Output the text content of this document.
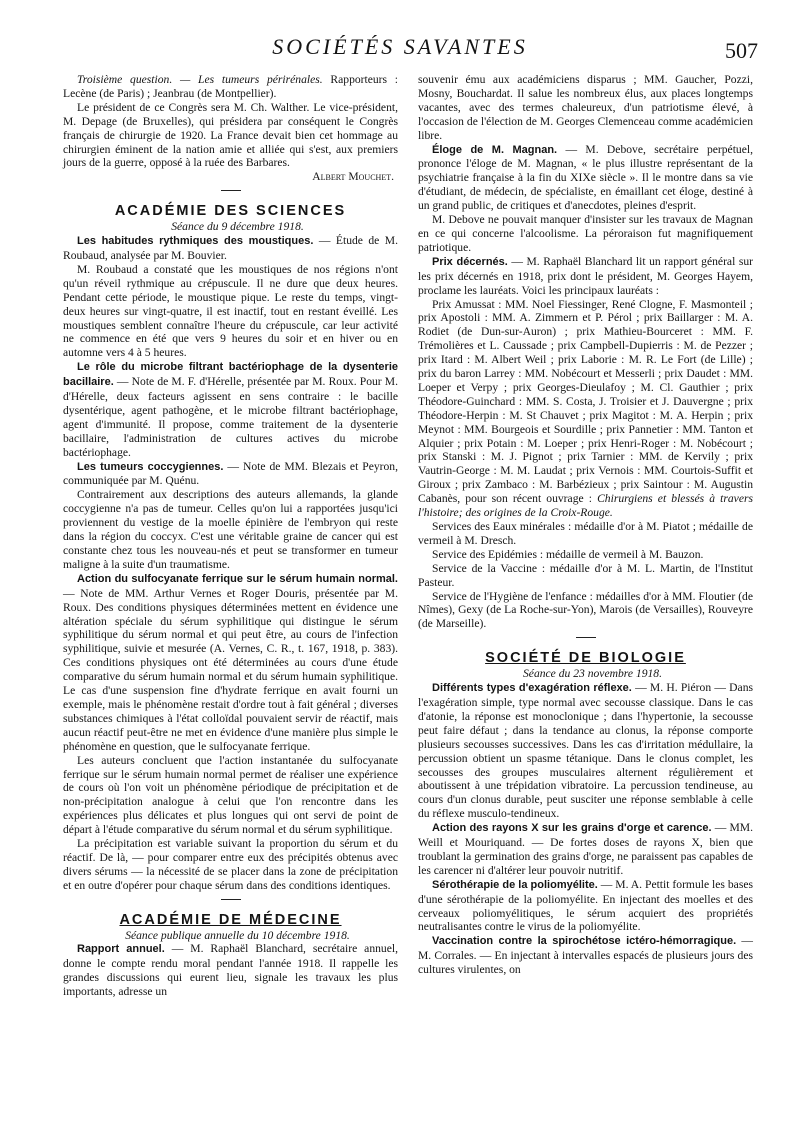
SOCIÉTÉS SAVANTES	507

Troisième question. — Les tumeurs périrénales. Rapporteurs : Lecène (de Paris) ; Jeanbrau (de Montpellier).

Le président de ce Congrès sera M. Ch. Walther. Le vice-président, M. Depage (de Bruxelles), qui présidera par conséquent le Congrès français de chirurgie de 1920. La France devait bien cet hommage au chirurgien éminent de la nation amie et alliée qui s'est, aux premiers jours de la guerre, opposé à la ruée des Barbares.

Albert Mouchet.

ACADÉMIE DES SCIENCES

Séance du 9 décembre 1918.

Les habitudes rythmiques des moustiques. — Étude de M. Roubaud, analysée par M. Bouvier.

M. Roubaud a constaté que les moustiques de nos régions n'ont qu'un réveil rythmique au crépuscule. Il ne dure que deux heures. Pendant cette période, le moustique pique. Le reste du temps, vingt-deux heures sur vingt-quatre, il est inactif, tout en restant éveillé. Les moustiques semblent connaître l'heure du crépuscule, car leur activité ne commence en été que vers 9 heures du soir et en hiver ou en automne vers 4 à 5 heures.

Le rôle du microbe filtrant bactériophage de la dysenterie bacillaire. — Note de M. F. d'Hérelle, présentée par M. Roux. Pour M. d'Hérelle, deux facteurs agissent en sens contraire : le bacille dysentérique, agent pathogène, et le microbe filtrant bactériophage, agent d'immunité. Il propose, comme traitement de la dysenterie bacillaire, l'administration de cultures actives du microbe bactériophage.

Les tumeurs coccygiennes. — Note de MM. Blezais et Peyron, communiquée par M. Quénu.

Contrairement aux descriptions des auteurs allemands, la glande coccygienne n'a pas de tumeur. Celles qu'on lui a rapportées jusqu'ici proviennent du vestige de la moelle épinière de l'embryon qui reste dans la région du coccyx. C'est une véritable graine de cancer qui est constante chez tous les nouveau-nés et peut se transformer en tumeur maligne à la suite d'un traumatisme.

Action du sulfocyanate ferrique sur le sérum humain normal. — Note de MM. Arthur Vernes et Roger Douris, présentée par M. Roux. Des conditions physiques déterminées mettent en évidence une altération spéciale du sérum syphilitique qui distingue le sérum syphilitique du sérum normal et qui peut être, au cours de l'infection syphilitique, suivie et mesurée (A. Vernes, C. R., t. 167, 1918, p. 383). Ces conditions physiques ont été déterminées au cours d'une étude comparative du sérum humain normal et du sérum humain syphilitique. Le cas d'une suspension fine d'hydrate ferrique en avait fourni un exemple, mais le phénomène restait d'ordre tout à fait général ; diverses substances chimiques à l'état colloïdal pouvaient servir de réactif, mais aucun réactif peut-être ne met en évidence d'une manière plus simple le phénomène en question, que le sulfocyanate ferrique.

Les auteurs concluent que l'action instantanée du sulfocyanate ferrique sur le sérum humain normal permet de réaliser une expérience de cours où l'on voit un phénomène périodique de précipitation et de non-précipitation analogue à celui que l'on rencontre dans les expériences plus délicates et plus longues qui ont servi de point de départ à l'étude comparative du sérum normal et du sérum syphilitique.

La précipitation est variable suivant la proportion du sérum et du réactif. De là, — pour comparer entre eux des précipités obtenus avec divers sérums — la nécessité de se placer dans la zone de précipitation et en outre d'opérer pour chaque sérum dans des conditions identiques.

ACADÉMIE DE MÉDECINE

Séance publique annuelle du 10 décembre 1918.

Rapport annuel. — M. Raphaël Blanchard, secrétaire annuel, donne le compte rendu moral pendant l'année 1918. Il rappelle les grandes discussions qui eurent lieu, signale les travaux les plus importants, adresse un

souvenir ému aux académiciens disparus ; MM. Gaucher, Pozzi, Mosny, Bouchardat. Il salue les nombreux élus, aux places longtemps vacantes, avec des termes chaleureux, d'un patriotisme élevé, à l'occasion de l'élection de M. Georges Clemenceau comme académicien libre.

Éloge de M. Magnan. — M. Debove, secrétaire perpétuel, prononce l'éloge de M. Magnan, « le plus illustre représentant de la psychiatrie française à la fin du XIXe siècle ». Il le montre dans sa vie d'étudiant, de médecin, de spécialiste, en émaillant cet éloge, destiné à un grand public, de critiques et d'anecdotes, pleines d'esprit.

M. Debove ne pouvait manquer d'insister sur les travaux de Magnan en ce qui concerne l'alcoolisme. La péroraison fut magnifiquement patriotique.

Prix décernés. — M. Raphaël Blanchard lit un rapport général sur les prix décernés en 1918, prix dont le président, M. Georges Hayem, proclame les lauréats. Voici les principaux lauréats :

Prix Amussat : MM. Noel Fiessinger, René Clogne, F. Masmonteil ; prix Apostoli : MM. A. Zimmern et P. Pérol ; prix Baillarger : M. A. Rodiet (de Dun-sur-Auron) ; prix Mathieu-Bourceret : MM. F. Trémolières et L. Caussade ; prix Campbell-Dupierris : M. de Pezzer ; prix Itard : M. Albert Weil ; prix Laborie : M. R. Le Fort (de Lille) ; prix du baron Larrey : MM. Nobécourt et Messerli ; prix Daudet : MM. Loeper et Verpy ; prix Georges-Dieulafoy ; M. Cl. Gauthier ; prix Théodore-Guinchard : MM. S. Costa, J. Troisier et J. Dauvergne ; prix Théodore-Herpin : M. St Chauvet ; prix Magitot : M. A. Herpin ; prix Meynot : MM. Bourgeois et Sourdille ; prix Pannetier : MM. Tanton et Alquier ; prix Potain : M. Loeper ; prix Henri-Roger : M. Nobécourt ; prix Stanski : M. J. Pignot ; prix Tarnier : MM. de Kervily ; prix Vautrin-George : M. M. Laudat ; prix Vernois : MM. Courtois-Suffit et Giroux ; prix Zambaco : M. Barbézieux ; prix Saintour : M. Augustin Cabanès, pour son récent ouvrage : Chirurgiens et blessés à travers l'histoire; des origines de la Croix-Rouge.

Services des Eaux minérales : médaille d'or à M. Piatot ; médaille de vermeil à M. Dresch.

Service des Epidémies : médaille de vermeil à M. Bauzon.

Service de la Vaccine : médaille d'or à M. L. Martin, de l'Institut Pasteur.

Service de l'Hygiène de l'enfance : médailles d'or à MM. Floutier (de Nîmes), Gexy (de La Roche-sur-Yon), Marois (de Versailles), Rouveyre (de Marseille).

SOCIÉTÉ DE BIOLOGIE

Séance du 23 novembre 1918.

Différents types d'exagération réflexe. — M. H. Piéron — Dans l'exagération simple, type normal avec secousse classique. Dans le cas d'atonie, la réponse est monoclonique ; dans l'hypertonie, la secousse peut faire défaut ; dans la tendance au clonus, la réponse comporte plusieurs secousses successives. Dans les cas d'irritation médullaire, la percussion obtient un spasme tétanique. Dans le clonus complet, les secousses des groupes musculaires alternent régulièrement et aboutissent à une trépidation vibratoire. La percussion tendineuse, au cours d'un clonus durable, peut susciter une réponse semblable à celle du réflexe musculo-tendineux.

Action des rayons X sur les grains d'orge et carence. — MM. Weill et Mouriquand. — De fortes doses de rayons X, bien que troublant la germination des grains d'orge, ne paraissent pas capables de les carencer ni d'altérer leur pouvoir nutritif.

Sérothérapie de la poliomyélite. — M. A. Pettit formule les bases d'une sérothérapie de la poliomyélite. En injectant des moelles et des cerveaux poliomyélitiques, le sérum acquiert des propriétés neutralisantes contre le virus de la poliomyélite.

Vaccination contre la spirochétose ictéro-hémorragique. — M. Corrales. — En injectant à intervalles espacés de plusieurs jours des cultures virulentes, on
